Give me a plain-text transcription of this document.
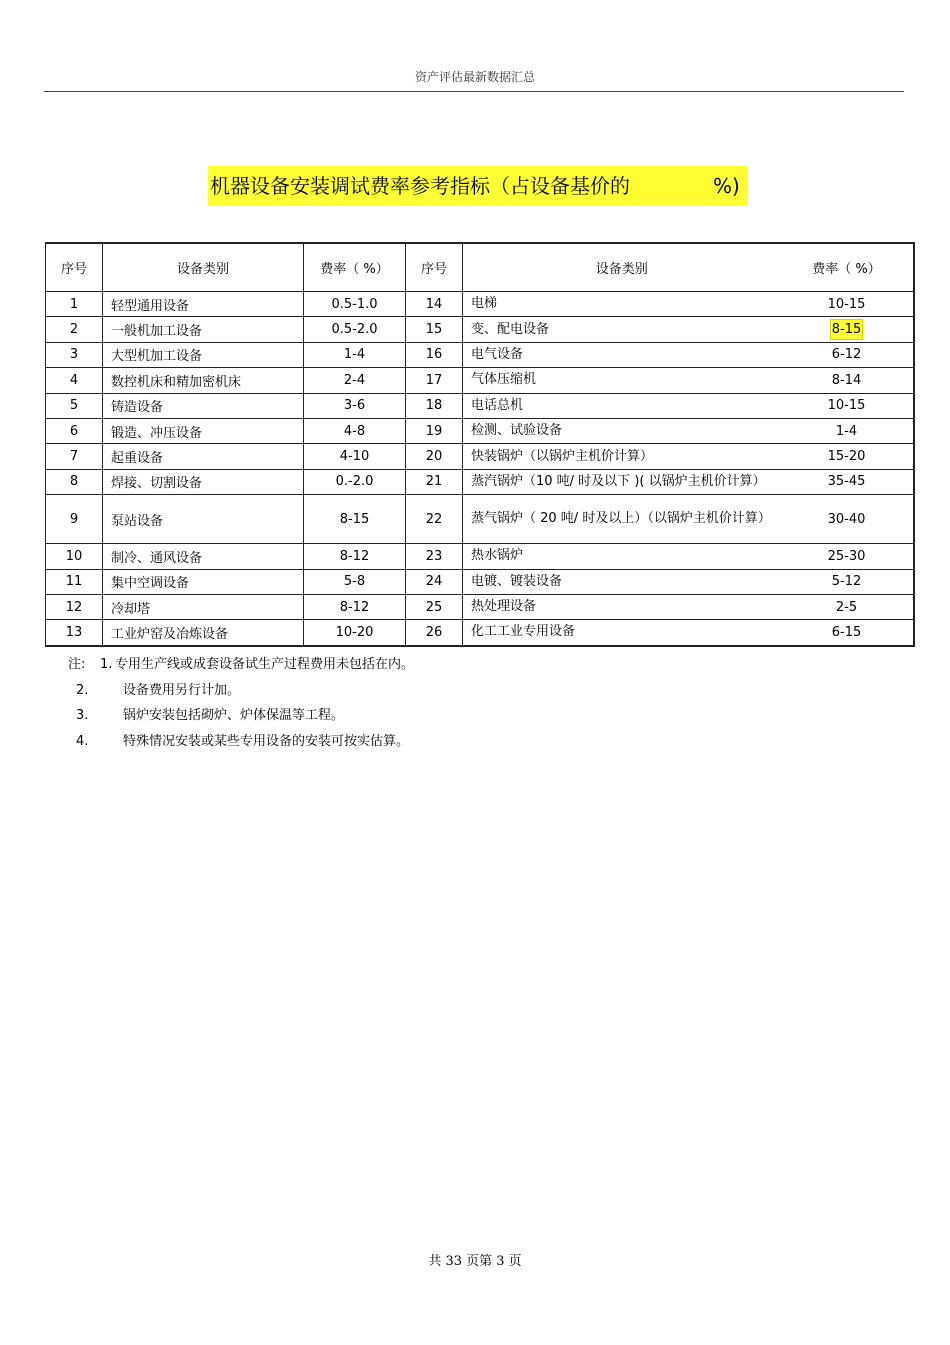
资产评估最新数据汇总
机器设备安装调试费率参考指标（占设备基价的	%)
序号	设备类别	费率（ %）	序号	设备类别	费率（ %）
1	轻型通用设备	0.5-1.0	14	电梯	10-15
2	一般机加工设备	0.5-2.0	15	变、配电设备	8-15
3	大型机加工设备	1-4	16	电气设备	6-12
4	数控机床和精加密机床	2-4	17	气体压缩机	8-14
5	铸造设备	3-6	18	电话总机	10-15
6	锻造、冲压设备	4-8	19	检测、试验设备	1-4
7	起重设备	4-10	20	快装锅炉（以锅炉主机价计算）	15-20
8	焊接、切割设备	0.-2.0	21	蒸汽锅炉（10 吨/ 时及以下 )( 以锅炉主机价计算）	35-45
9	泵站设备	8-15	22	蒸气锅炉（ 20 吨/ 时及以上）（以锅炉主机价计算）	30-40
10	制冷、通风设备	8-12	23	热水锅炉	25-30
11	集中空调设备	5-8	24	电镀、镀装设备	5-12
12	冷却塔	8-12	25	热处理设备	2-5
13	工业炉窑及冶炼设备	10-20	26	化工工业专用设备	6-15
注:	1. 专用生产线或成套设备试生产过程费用未包括在内。
2.	设备费用另行计加。
3.	锅炉安装包括砌炉、炉体保温等工程。
4.	特殊情况安装或某些专用设备的安装可按实估算。
共 33 页第 3 页
